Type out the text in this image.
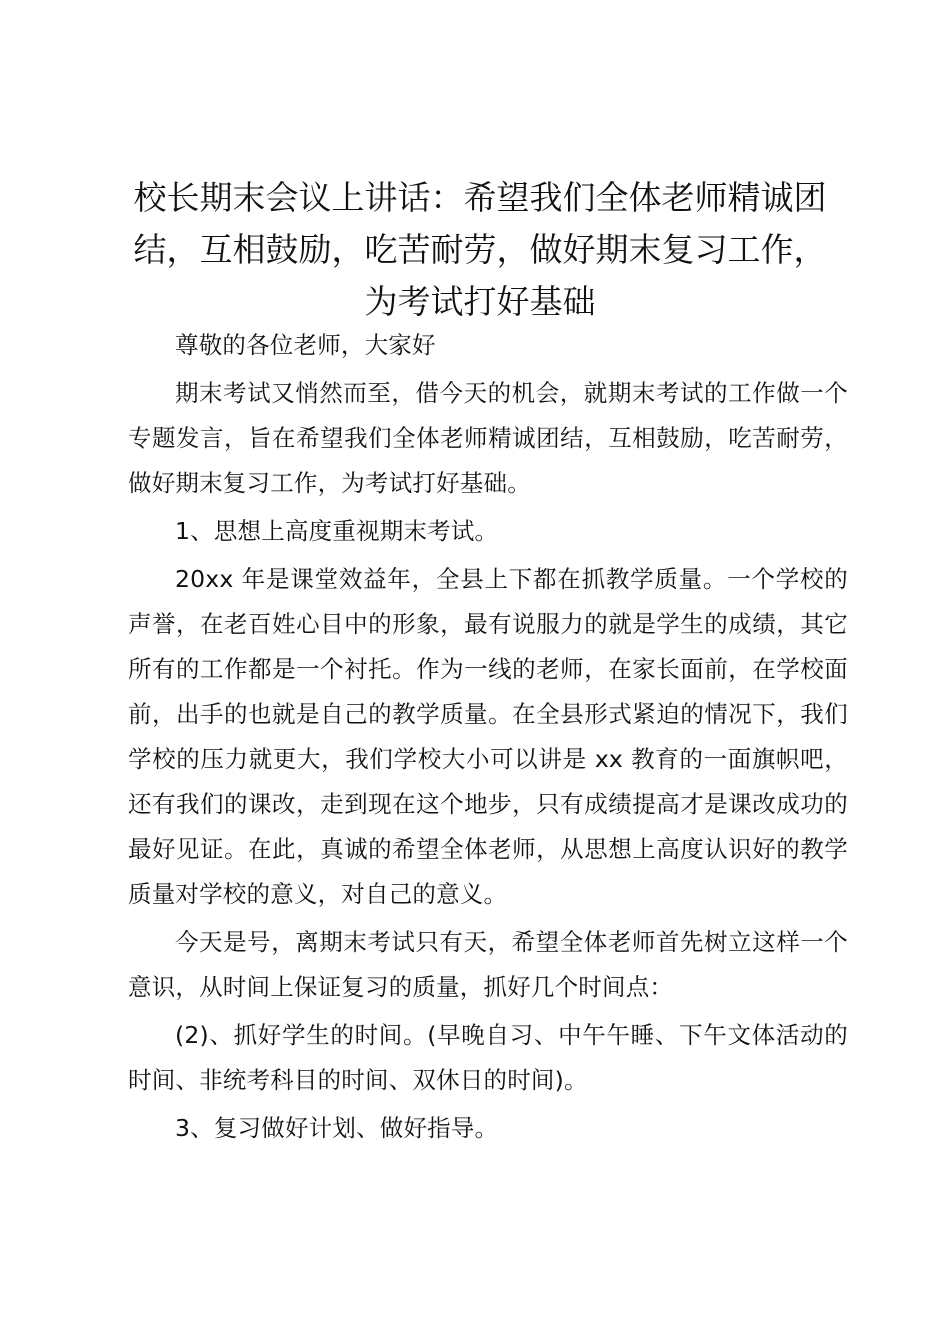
校长期末会议上讲话：希望我们全体老师精诚团结，互相鼓励，吃苦耐劳，做好期末复习工作，为考试打好基础

尊敬的各位老师，大家好

期末考试又悄然而至，借今天的机会，就期末考试的工作做一个专题发言，旨在希望我们全体老师精诚团结，互相鼓励，吃苦耐劳，做好期末复习工作，为考试打好基础。

1、思想上高度重视期末考试。

20xx 年是课堂效益年，全县上下都在抓教学质量。一个学校的声誉，在老百姓心目中的形象，最有说服力的就是学生的成绩，其它所有的工作都是一个衬托。作为一线的老师，在家长面前，在学校面前，出手的也就是自己的教学质量。在全县形式紧迫的情况下，我们学校的压力就更大，我们学校大小可以讲是 xx 教育的一面旗帜吧，还有我们的课改，走到现在这个地步，只有成绩提高才是课改成功的最好见证。在此，真诚的希望全体老师，从思想上高度认识好的教学质量对学校的意义，对自己的意义。

今天是号，离期末考试只有天，希望全体老师首先树立这样一个意识，从时间上保证复习的质量，抓好几个时间点：

(2)、抓好学生的时间。(早晚自习、中午午睡、下午文体活动的时间、非统考科目的时间、双休日的时间)。

3、复习做好计划、做好指导。
